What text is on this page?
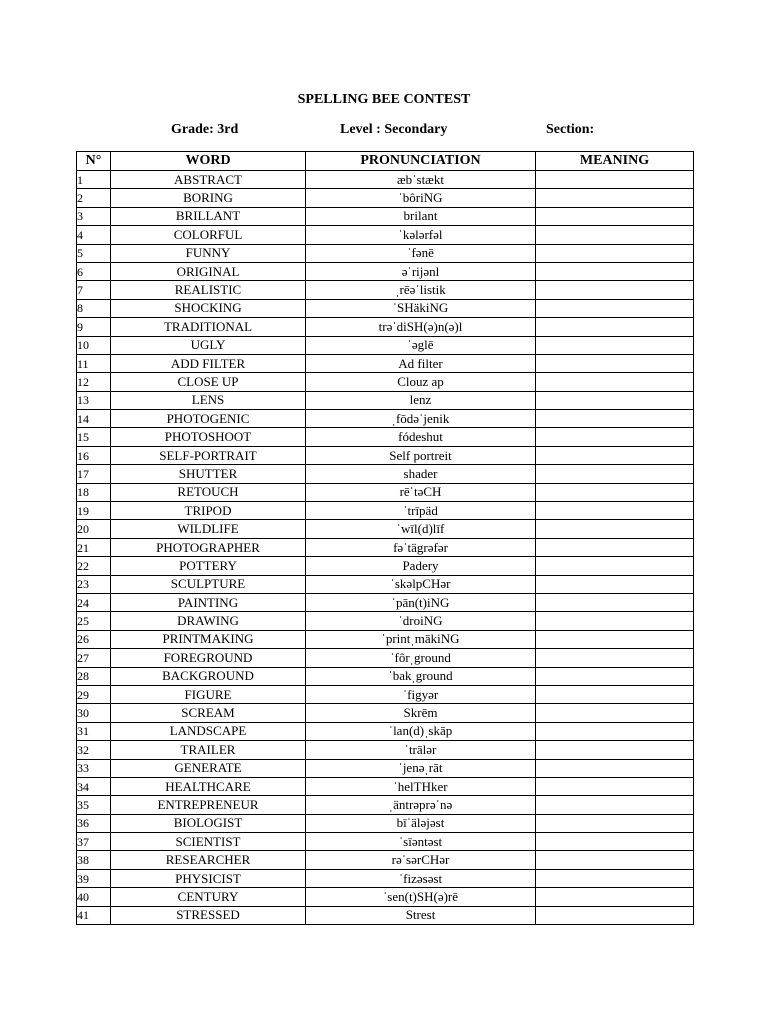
SPELLING BEE CONTEST
Grade: 3rd	Level : Secondary	Section:
N°	WORD	PRONUNCIATION	MEANING
1	ABSTRACT	æbˈstækt	
2	BORING	ˈbôriNG	
3	BRILLANT	brilant	
4	COLORFUL	ˈkələrfəl	
5	FUNNY	ˈfənē	
6	ORIGINAL	əˈrijənl	
7	REALISTIC	ˌrēəˈlistik	
8	SHOCKING	ˈSHäkiNG	
9	TRADITIONAL	trəˈdiSH(ə)n(ə)l	
10	UGLY	ˈəglē	
11	ADD FILTER	Ad filter	
12	CLOSE UP	Clouz ap	
13	LENS	lenz	
14	PHOTOGENIC	ˌfōdəˈjenik	
15	PHOTOSHOOT	fódeshut	
16	SELF-PORTRAIT	Self portreit	
17	SHUTTER	shader	
18	RETOUCH	rēˈtəCH	
19	TRIPOD	ˈtrīpäd	
20	WILDLIFE	ˈwīl(d)līf	
21	PHOTOGRAPHER	fəˈtägrəfər	
22	POTTERY	Padery	
23	SCULPTURE	ˈskəlpCHər	
24	PAINTING	ˈpān(t)iNG	
25	DRAWING	ˈdroiNG	
26	PRINTMAKING	ˈprintˌmākiNG	
27	FOREGROUND	ˈfôrˌground	
28	BACKGROUND	ˈbakˌground	
29	FIGURE	ˈfigyər	
30	SCREAM	Skrēm	
31	LANDSCAPE	ˈlan(d)ˌskāp	
32	TRAILER	ˈtrālər	
33	GENERATE	ˈjenəˌrāt	
34	HEALTHCARE	ˈhelTHker	
35	ENTREPRENEUR	ˌäntrəprəˈnə	
36	BIOLOGIST	bīˈäləjəst	
37	SCIENTIST	ˈsīəntəst	
38	RESEARCHER	rəˈsərCHər	
39	PHYSICIST	ˈfizəsəst	
40	CENTURY	ˈsen(t)SH(ə)rē	
41	STRESSED	Strest	
